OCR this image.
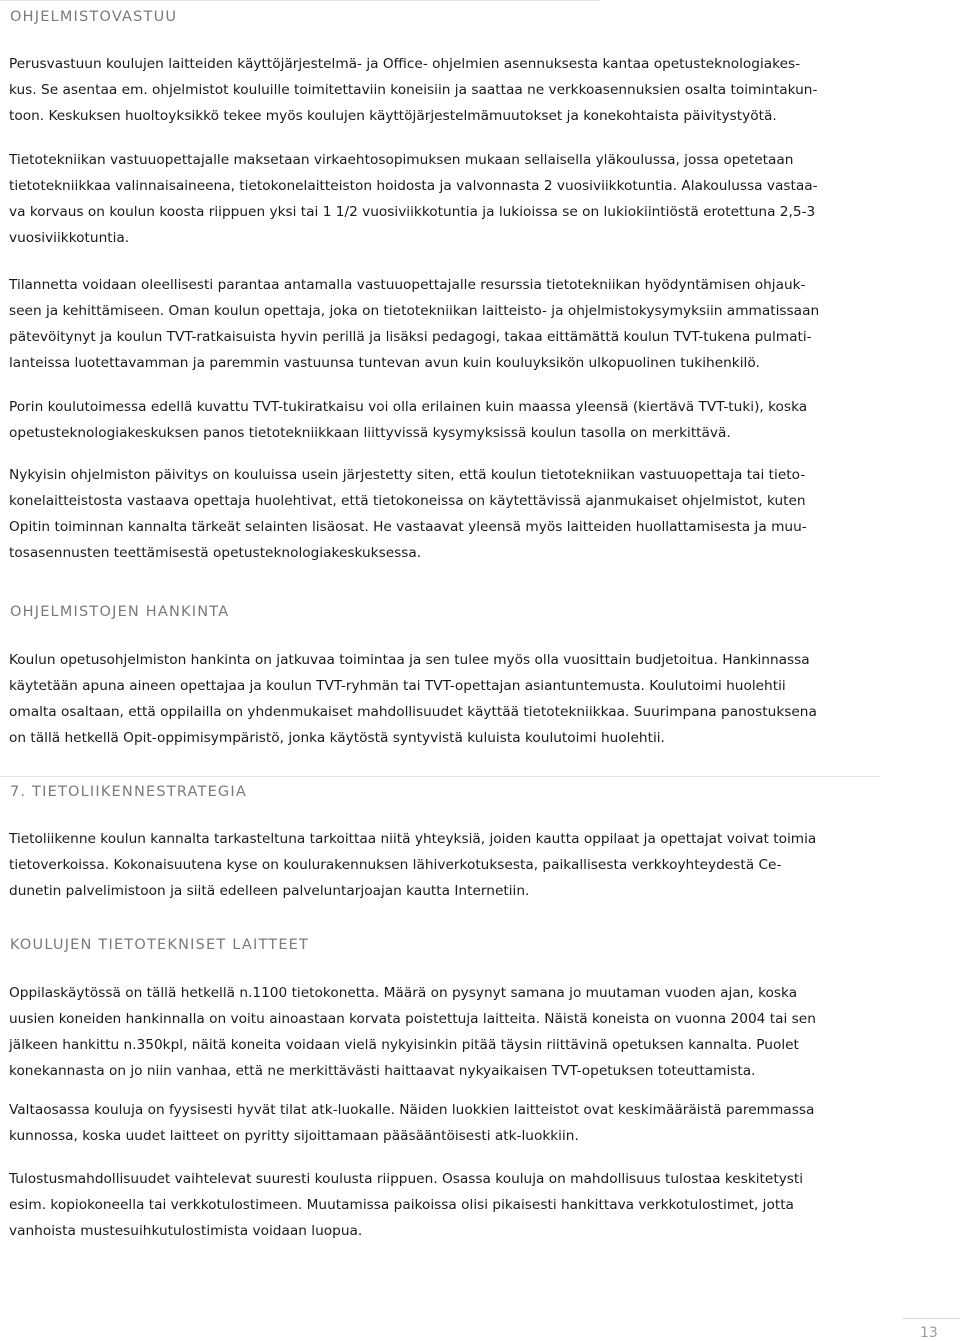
OHJELMISTOVASTUU

Perusvastuun koulujen laitteiden käyttöjärjestelmä- ja Office- ohjelmien asennuksesta kantaa opetusteknologiakes-
kus. Se asentaa em. ohjelmistot kouluille toimitettaviin koneisiin ja saattaa ne verkkoasennuksien osalta toimintakun-
toon. Keskuksen huoltoyksikkö tekee myös koulujen käyttöjärjestelmämuutokset ja konekohtaista päivitystyötä.

Tietotekniikan vastuuopettajalle maksetaan virkaehtosopimuksen mukaan sellaisella yläkoulussa, jossa opetetaan
tietotekniikkaa valinnaisaineena, tietokonelaitteiston hoidosta ja valvonnasta 2 vuosiviikkotuntia. Alakoulussa vastaa-
va korvaus on koulun koosta riippuen yksi tai 1 1/2 vuosiviikkotuntia ja lukioissa se on lukiokiintiöstä erotettuna 2,5-3
vuosiviikkotuntia.

Tilannetta voidaan oleellisesti parantaa antamalla vastuuopettajalle resurssia tietotekniikan hyödyntämisen ohjauk-
seen ja kehittämiseen. Oman koulun opettaja, joka on tietotekniikan laitteisto- ja ohjelmistokysymyksiin ammatissaan
pätevöitynyt ja koulun TVT-ratkaisuista hyvin perillä ja lisäksi pedagogi, takaa eittämättä koulun TVT-tukena pulmati-
lanteissa luotettavamman ja paremmin vastuunsa tuntevan avun kuin kouluyksikön ulkopuolinen tukihenkilö.

Porin koulutoimessa edellä kuvattu TVT-tukiratkaisu voi olla erilainen kuin maassa yleensä (kiertävä TVT-tuki), koska
opetusteknologiakeskuksen panos tietotekniikkaan liittyvissä kysymyksissä koulun tasolla on merkittävä.

Nykyisin ohjelmiston päivitys on kouluissa usein järjestetty siten, että koulun tietotekniikan vastuuopettaja tai tieto-
konelaitteistosta vastaava opettaja huolehtivat, että tietokoneissa on käytettävissä ajanmukaiset ohjelmistot, kuten
Opitin toiminnan kannalta tärkeät selainten lisäosat. He vastaavat yleensä myös laitteiden huollattamisesta ja muu-
tosasennusten teettämisestä opetusteknologiakeskuksessa.

OHJELMISTOJEN HANKINTA

Koulun opetusohjelmiston hankinta on jatkuvaa toimintaa ja sen tulee myös olla vuosittain budjetoitua. Hankinnassa
käytetään apuna aineen opettajaa ja koulun TVT-ryhmän tai TVT-opettajan asiantuntemusta. Koulutoimi huolehtii
omalta osaltaan, että oppilailla on yhdenmukaiset mahdollisuudet käyttää tietotekniikkaa. Suurimpana panostuksena
on tällä hetkellä Opit-oppimisympäristö, jonka käytöstä syntyvistä kuluista koulutoimi huolehtii.

7. TIETOLIIKENNESTRATEGIA

Tietoliikenne koulun kannalta tarkasteltuna tarkoittaa niitä yhteyksiä, joiden kautta oppilaat ja opettajat voivat toimia
tietoverkoissa. Kokonaisuutena kyse on koulurakennuksen lähiverkotuksesta, paikallisesta verkkoyhteydestä Ce-
dunetin palvelimistoon ja siitä edelleen palveluntarjoajan kautta Internetiin.

KOULUJEN TIETOTEKNISET LAITTEET

Oppilaskäytössä on tällä hetkellä n.1100 tietokonetta. Määrä on pysynyt samana jo muutaman vuoden ajan, koska
uusien koneiden hankinnalla on voitu ainoastaan korvata poistettuja laitteita. Näistä koneista on vuonna 2004 tai sen
jälkeen hankittu n.350kpl, näitä koneita voidaan vielä nykyisinkin pitää täysin riittävinä opetuksen kannalta. Puolet
konekannasta on jo niin vanhaa, että ne merkittävästi haittaavat nykyaikaisen TVT-opetuksen toteuttamista.

Valtaosassa kouluja on fyysisesti hyvät tilat atk-luokalle. Näiden luokkien laitteistot ovat keskimääräistä paremmassa
kunnossa, koska uudet laitteet on pyritty sijoittamaan pääsääntöisesti atk-luokkiin.

Tulostusmahdollisuudet vaihtelevat suuresti koulusta riippuen. Osassa kouluja on mahdollisuus tulostaa keskitetysti
esim. kopiokoneella tai verkkotulostimeen. Muutamissa paikoissa olisi pikaisesti hankittava verkkotulostimet, jotta
vanhoista mustesuihkutulostimista voidaan luopua.

13
